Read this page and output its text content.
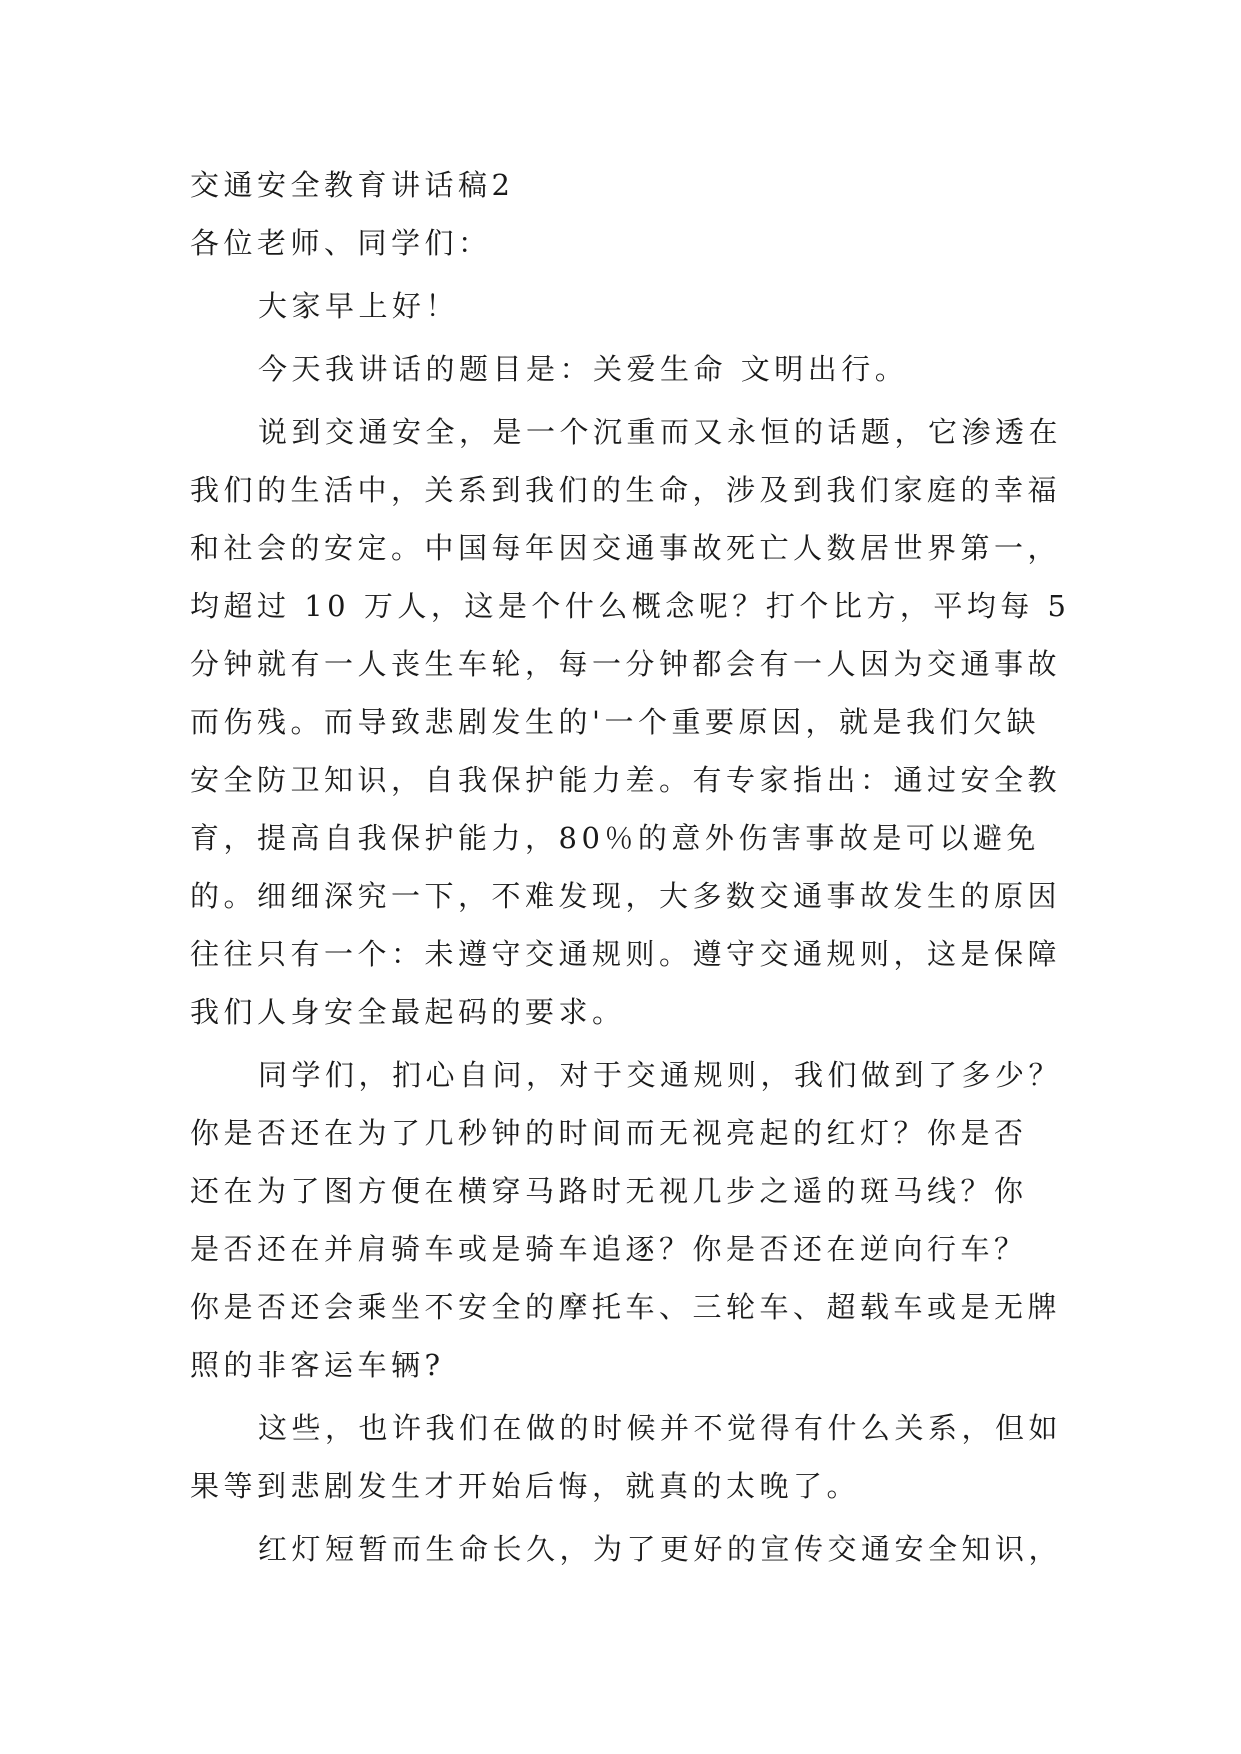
交通安全教育讲话稿2

各位老师、同学们：

大家早上好！

今天我讲话的题目是：关爱生命 文明出行。

说到交通安全，是一个沉重而又永恒的话题，它渗透在

我们的生活中，关系到我们的生命，涉及到我们家庭的幸福

和社会的安定。中国每年因交通事故死亡人数居世界第一，

均超过 10 万人，这是个什么概念呢？打个比方，平均每 5

分钟就有一人丧生车轮，每一分钟都会有一人因为交通事故

而伤残。而导致悲剧发生的'一个重要原因，就是我们欠缺

安全防卫知识，自我保护能力差。有专家指出：通过安全教

育，提高自我保护能力，80％的意外伤害事故是可以避免

的。细细深究一下，不难发现，大多数交通事故发生的原因

往往只有一个：未遵守交通规则。遵守交通规则，这是保障

我们人身安全最起码的要求。

同学们，扪心自问，对于交通规则，我们做到了多少？

你是否还在为了几秒钟的时间而无视亮起的红灯？你是否

还在为了图方便在横穿马路时无视几步之遥的斑马线？你

是否还在并肩骑车或是骑车追逐？你是否还在逆向行车？

你是否还会乘坐不安全的摩托车、三轮车、超载车或是无牌

照的非客运车辆?

这些，也许我们在做的时候并不觉得有什么关系，但如

果等到悲剧发生才开始后悔，就真的太晚了。

红灯短暂而生命长久，为了更好的宣传交通安全知识，
